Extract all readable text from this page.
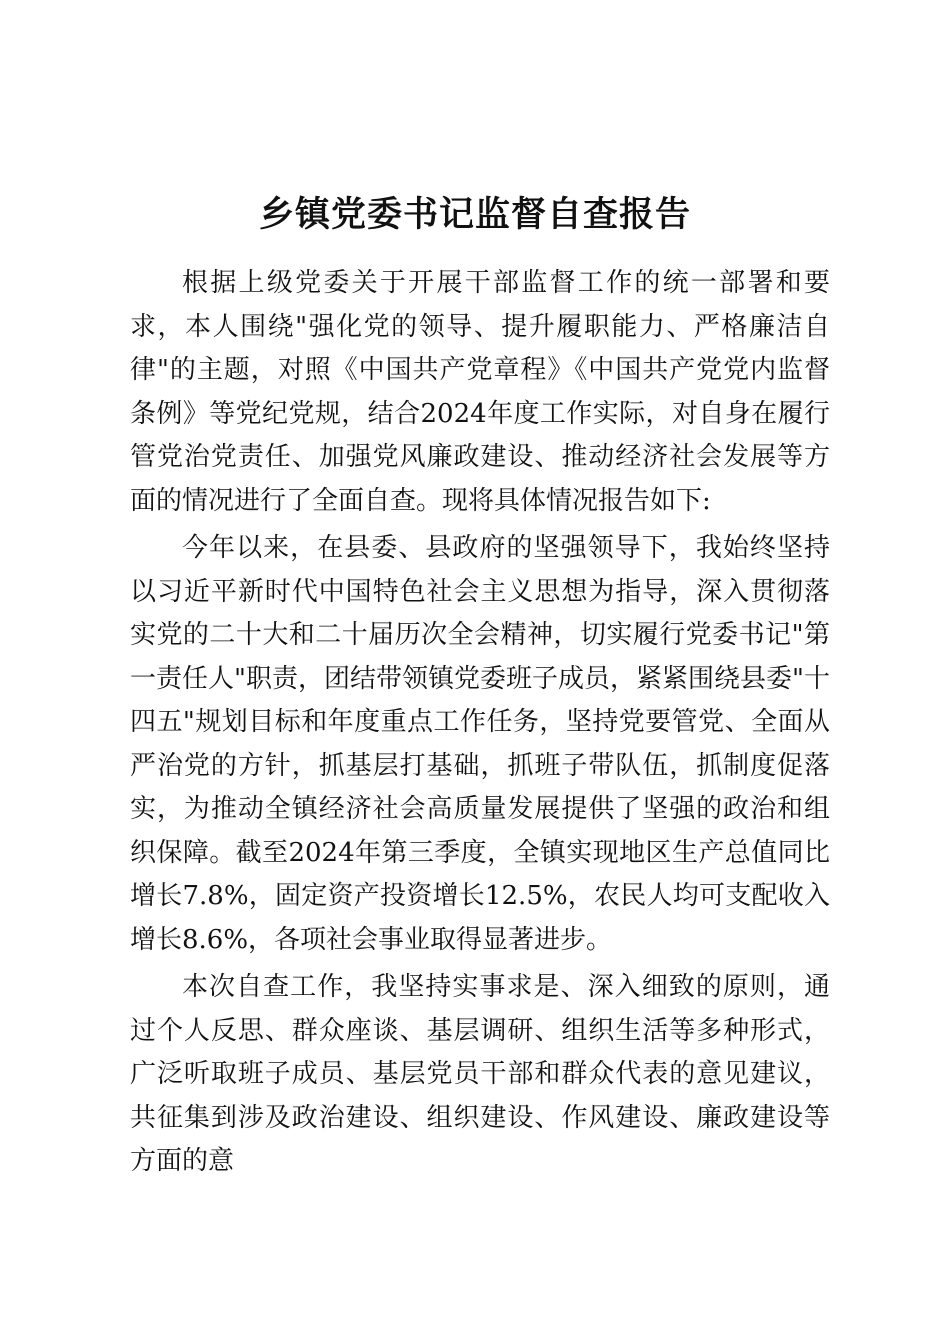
乡镇党委书记监督自查报告

根据上级党委关于开展干部监督工作的统一部署和要求，本人围绕"强化党的领导、提升履职能力、严格廉洁自律"的主题，对照《中国共产党章程》《中国共产党党内监督条例》等党纪党规，结合2024年度工作实际，对自身在履行管党治党责任、加强党风廉政建设、推动经济社会发展等方面的情况进行了全面自查。现将具体情况报告如下:

今年以来，在县委、县政府的坚强领导下，我始终坚持以习近平新时代中国特色社会主义思想为指导，深入贯彻落实党的二十大和二十届历次全会精神，切实履行党委书记"第一责任人"职责，团结带领镇党委班子成员，紧紧围绕县委"十四五"规划目标和年度重点工作任务，坚持党要管党、全面从严治党的方针，抓基层打基础，抓班子带队伍，抓制度促落实，为推动全镇经济社会高质量发展提供了坚强的政治和组织保障。截至2024年第三季度，全镇实现地区生产总值同比增长7.8%，固定资产投资增长12.5%，农民人均可支配收入增长8.6%，各项社会事业取得显著进步。

本次自查工作，我坚持实事求是、深入细致的原则，通过个人反思、群众座谈、基层调研、组织生活等多种形式，广泛听取班子成员、基层党员干部和群众代表的意见建议，共征集到涉及政治建设、组织建设、作风建设、廉政建设等方面的意
